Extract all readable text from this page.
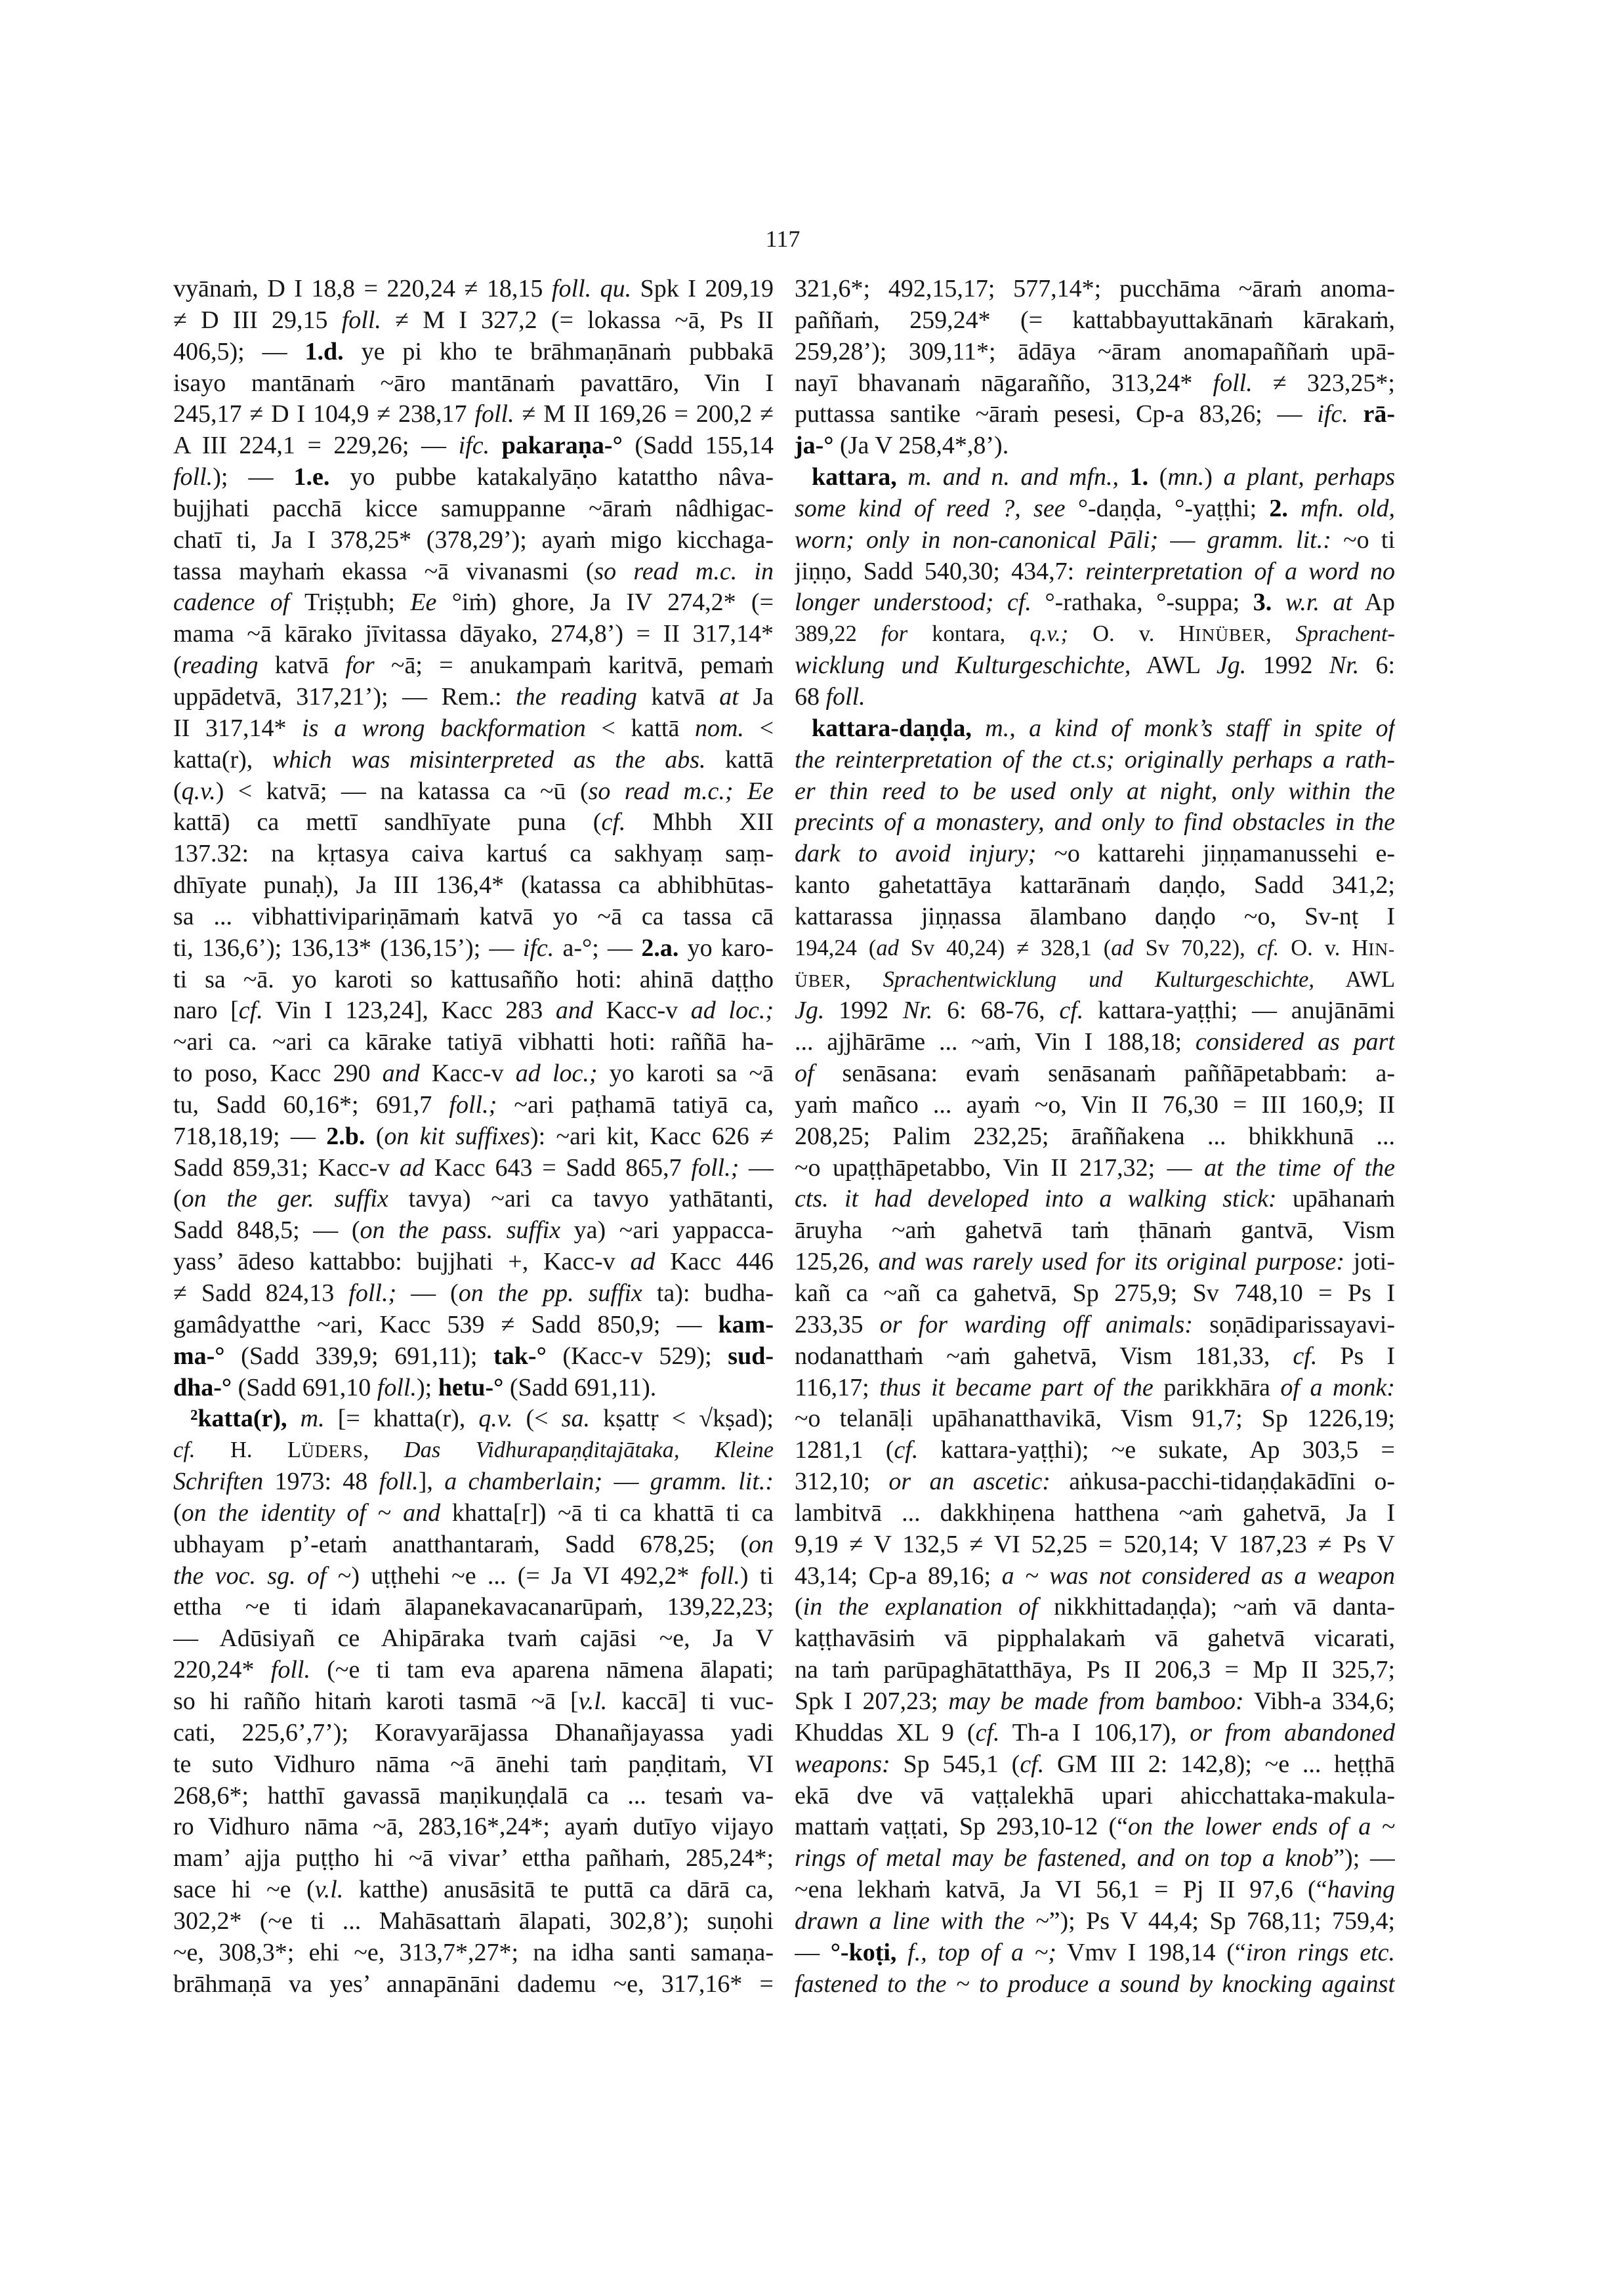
117
vyānaṁ, D I 18,8 = 220,24 ≠ 18,15 foll. qu. Spk I 209,19
≠ D III 29,15 foll. ≠ M I 327,2 (= lokassa ~ā, Ps II
406,5); — 1.d. ye pi kho te brāhmaṇānaṁ pubbakā
isayo mantānaṁ ~āro mantānaṁ pavattāro, Vin I
245,17 ≠ D I 104,9 ≠ 238,17 foll. ≠ M II 169,26 = 200,2 ≠
A III 224,1 = 229,26; — ifc. pakaraṇa-° (Sadd 155,14
foll.); — 1.e. yo pubbe katakalyāṇo katattho nâva-
bujjhati pacchā kicce samuppanne ~āraṁ nâdhigac-
chatī ti, Ja I 378,25* (378,29’); ayaṁ migo kicchaga-
tassa mayhaṁ ekassa ~ā vivanasmi (so read m.c. in
cadence of Triṣṭubh; Ee °iṁ) ghore, Ja IV 274,2* (=
mama ~ā kārako jīvitassa dāyako, 274,8’) = II 317,14*
(reading katvā for ~ā; = anukampaṁ karitvā, pemaṁ
uppādetvā, 317,21’); — Rem.: the reading katvā at Ja
II 317,14* is a wrong backformation < kattā nom. <
katta(r), which was misinterpreted as the abs. kattā
(q.v.) < katvā; — na katassa ca ~ū (so read m.c.; Ee
kattā) ca mettī sandhīyate puna (cf. Mhbh XII
137.32: na kṛtasya caiva kartuś ca sakhyaṃ saṃ-
dhīyate punaḥ), Ja III 136,4* (katassa ca abhibhūtas-
sa ... vibhattivipariṇāmaṁ katvā yo ~ā ca tassa cā
ti, 136,6’); 136,13* (136,15’); — ifc. a-°; — 2.a. yo karo-
ti sa ~ā. yo karoti so kattusañño hoti: ahinā daṭṭho
naro [cf. Vin I 123,24], Kacc 283 and Kacc-v ad loc.;
~ari ca. ~ari ca kārake tatiyā vibhatti hoti: raññā ha-
to poso, Kacc 290 and Kacc-v ad loc.; yo karoti sa ~ā
tu, Sadd 60,16*; 691,7 foll.; ~ari paṭhamā tatiyā ca,
718,18,19; — 2.b. (on kit suffixes): ~ari kit, Kacc 626 ≠
Sadd 859,31; Kacc-v ad Kacc 643 = Sadd 865,7 foll.; —
(on the ger. suffix tavya) ~ari ca tavyo yathātanti,
Sadd 848,5; — (on the pass. suffix ya) ~ari yappacca-
yass’ ādeso kattabbo: bujjhati +, Kacc-v ad Kacc 446
≠ Sadd 824,13 foll.; — (on the pp. suffix ta): budha-
gamâdyatthe ~ari, Kacc 539 ≠ Sadd 850,9; — kam-
ma-° (Sadd 339,9; 691,11); tak-° (Kacc-v 529); sud-
dha-° (Sadd 691,10 foll.); hetu-° (Sadd 691,11).
²katta(r), m. [= khatta(r), q.v. (< sa. kṣattṛ < √kṣad);
cf. H. LÜDERS, Das Vidhurapaṇḍitajātaka, Kleine
Schriften 1973: 48 foll.], a chamberlain; — gramm. lit.:
(on the identity of ~ and khatta[r]) ~ā ti ca khattā ti ca
ubhayam p’-etaṁ anatthantaraṁ, Sadd 678,25; (on
the voc. sg. of ~) uṭṭhehi ~e ... (= Ja VI 492,2* foll.) ti
ettha ~e ti idaṁ ālapanekavacanarūpaṁ, 139,22,23;
— Adūsiyañ ce Ahipāraka tvaṁ cajāsi ~e, Ja V
220,24* foll. (~e ti tam eva aparena nāmena ālapati;
so hi rañño hitaṁ karoti tasmā ~ā [v.l. kaccā] ti vuc-
cati, 225,6’,7’); Koravyarājassa Dhanañjayassa yadi
te suto Vidhuro nāma ~ā ānehi taṁ paṇḍitaṁ, VI
268,6*; hatthī gavassā maṇikuṇḍalā ca ... tesaṁ va-
ro Vidhuro nāma ~ā, 283,16*,24*; ayaṁ dutīyo vijayo
mam’ ajja puṭṭho hi ~ā vivar’ ettha pañhaṁ, 285,24*;
sace hi ~e (v.l. katthe) anusāsitā te puttā ca dārā ca,
302,2* (~e ti ... Mahāsattaṁ ālapati, 302,8’); suṇohi
~e, 308,3*; ehi ~e, 313,7*,27*; na idha santi samaṇa-
brāhmaṇā va yes’ annapānāni dademu ~e, 317,16* =
321,6*; 492,15,17; 577,14*; pucchāma ~āraṁ anoma-
paññaṁ, 259,24* (= kattabbayuttakānaṁ kārakaṁ,
259,28’); 309,11*; ādāya ~āram anomapaññaṁ upā-
nayī bhavanaṁ nāgarañño, 313,24* foll. ≠ 323,25*;
puttassa santike ~āraṁ pesesi, Cp-a 83,26; — ifc. rā-
ja-° (Ja V 258,4*,8’).
kattara, m. and n. and mfn., 1. (mn.) a plant, perhaps
some kind of reed ?, see °-daṇḍa, °-yaṭṭhi; 2. mfn. old,
worn; only in non-canonical Pāli; — gramm. lit.: ~o ti
jiṇṇo, Sadd 540,30; 434,7: reinterpretation of a word no
longer understood; cf. °-rathaka, °-suppa; 3. w.r. at Ap
389,22 for kontara, q.v.; O. v. HINÜBER, Sprachent-
wicklung und Kulturgeschichte, AWL Jg. 1992 Nr. 6:
68 foll.
kattara-daṇḍa, m., a kind of monk’s staff in spite of
the reinterpretation of the ct.s; originally perhaps a rath-
er thin reed to be used only at night, only within the
precints of a monastery, and only to find obstacles in the
dark to avoid injury; ~o kattarehi jiṇṇamanussehi e-
kanto gahetattāya kattarānaṁ daṇḍo, Sadd 341,2;
kattarassa jiṇṇassa ālambano daṇḍo ~o, Sv-nṭ I
194,24 (ad Sv 40,24) ≠ 328,1 (ad Sv 70,22), cf. O. v. HIN-
ÜBER, Sprachentwicklung und Kulturgeschichte, AWL
Jg. 1992 Nr. 6: 68-76, cf. kattara-yaṭṭhi; — anujānāmi
... ajjhārāme ... ~aṁ, Vin I 188,18; considered as part
of senāsana: evaṁ senāsanaṁ paññāpetabbaṁ: a-
yaṁ mañco ... ayaṁ ~o, Vin II 76,30 = III 160,9; II
208,25; Palim 232,25; āraññakena ... bhikkhunā ...
~o upaṭṭhāpetabbo, Vin II 217,32; — at the time of the
cts. it had developed into a walking stick: upāhanaṁ
āruyha ~aṁ gahetvā taṁ ṭhānaṁ gantvā, Vism
125,26, and was rarely used for its original purpose: joti-
kañ ca ~añ ca gahetvā, Sp 275,9; Sv 748,10 = Ps I
233,35 or for warding off animals: soṇādiparissayavi-
nodanatthaṁ ~aṁ gahetvā, Vism 181,33, cf. Ps I
116,17; thus it became part of the parikkhāra of a monk:
~o telanāḷi upāhanatthavikā, Vism 91,7; Sp 1226,19;
1281,1 (cf. kattara-yaṭṭhi); ~e sukate, Ap 303,5 =
312,10; or an ascetic: aṅkusa-pacchi-tidaṇḍakādīni o-
lambitvā ... dakkhiṇena hatthena ~aṁ gahetvā, Ja I
9,19 ≠ V 132,5 ≠ VI 52,25 = 520,14; V 187,23 ≠ Ps V
43,14; Cp-a 89,16; a ~ was not considered as a weapon
(in the explanation of nikkhittadaṇḍa); ~aṁ vā danta-
kaṭṭhavāsiṁ vā pipphalakaṁ vā gahetvā vicarati,
na taṁ parūpaghātatthāya, Ps II 206,3 = Mp II 325,7;
Spk I 207,23; may be made from bamboo: Vibh-a 334,6;
Khuddas XL 9 (cf. Th-a I 106,17), or from abandoned
weapons: Sp 545,1 (cf. GM III 2: 142,8); ~e ... heṭṭhā
ekā dve vā vaṭṭalekhā upari ahicchattaka-makula-
mattaṁ vaṭṭati, Sp 293,10-12 (“on the lower ends of a ~
rings of metal may be fastened, and on top a knob”); —
~ena lekhaṁ katvā, Ja VI 56,1 = Pj II 97,6 (“having
drawn a line with the ~”); Ps V 44,4; Sp 768,11; 759,4;
— °-koṭi, f., top of a ~; Vmv I 198,14 (“iron rings etc.
fastened to the ~ to produce a sound by knocking against
